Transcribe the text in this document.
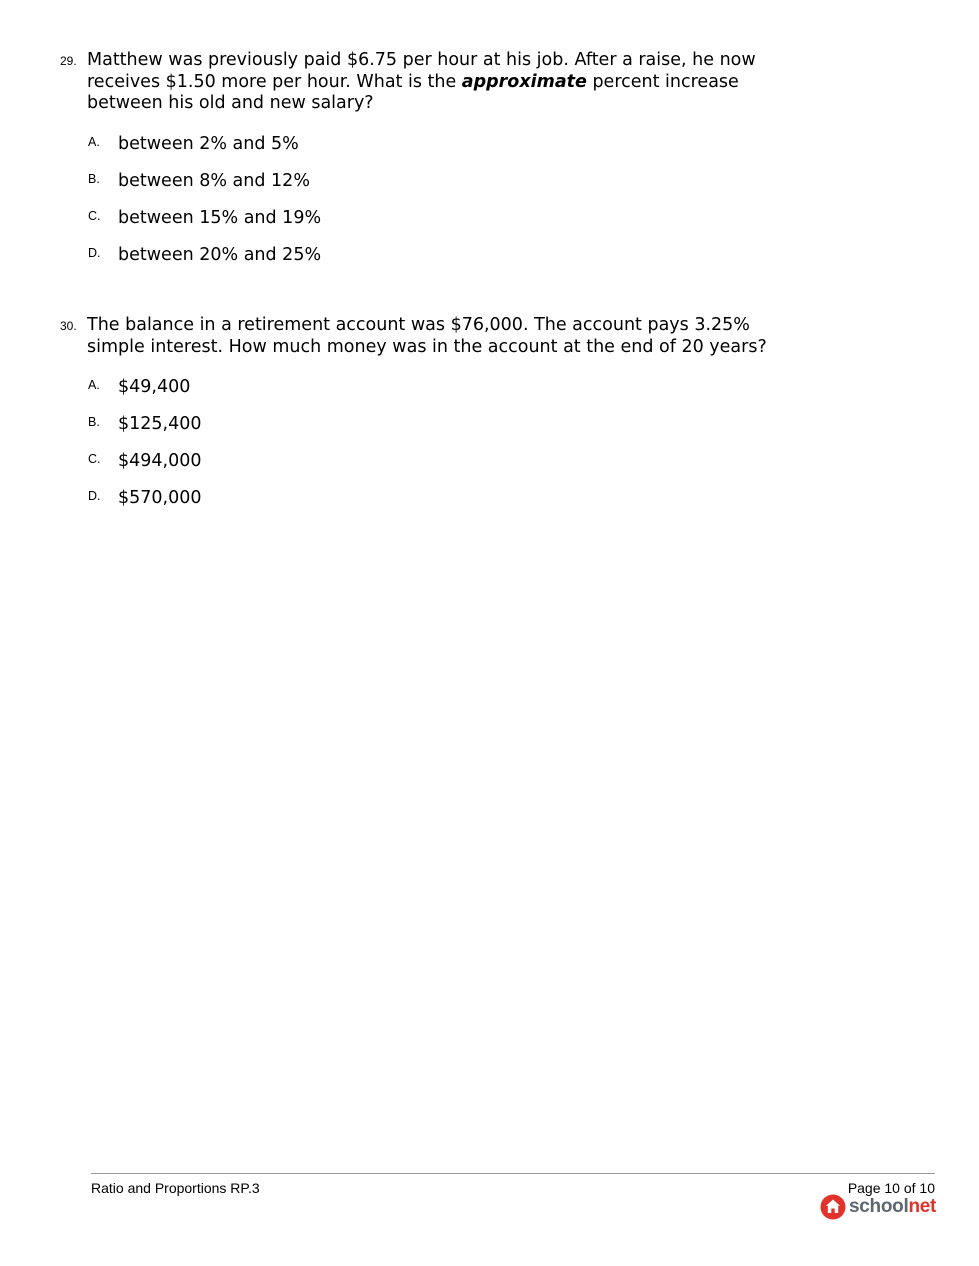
29. Matthew was previously paid $6.75 per hour at his job. After a raise, he now receives $1.50 more per hour. What is the approximate percent increase between his old and new salary?
A. between 2% and 5%
B. between 8% and 12%
C. between 15% and 19%
D. between 20% and 25%
30. The balance in a retirement account was $76,000. The account pays 3.25% simple interest. How much money was in the account at the end of 20 years?
A. $49,400
B. $125,400
C. $494,000
D. $570,000
Ratio and Proportions RP.3	Page 10 of 10
schoolnet
